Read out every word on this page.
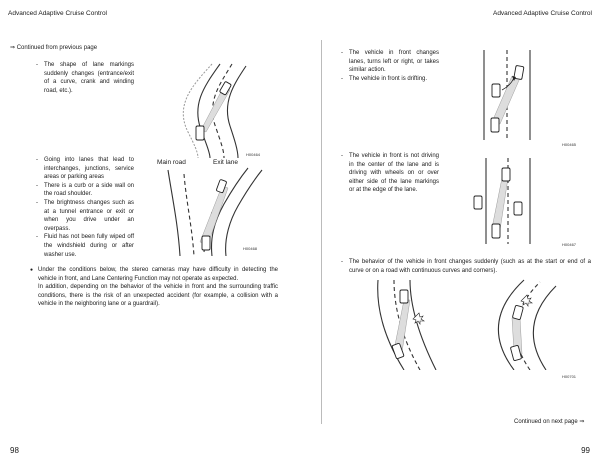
Advanced Adaptive Cruise Control	Advanced Adaptive Cruise Control
⇒ Continued from previous page
- The shape of lane markings suddenly changes (entrance/exit of a curve, crank and winding road, etc.).
H00464
- Going into lanes that lead to interchanges, junctions, service areas or parking areas
- There is a curb or a side wall on the road shoulder.
- The brightness changes such as at a tunnel entrance or exit or when you drive under an overpass.
- Fluid has not been fully wiped off the windshield during or after washer use.
Main road	Exit lane
H00468

● Under the conditions below, the stereo cameras may have difficulty in detecting the vehicle in front, and Lane Centering Function may not operate as expected.

In addition, depending on the behavior of the vehicle in front and the surrounding traffic conditions, there is the risk of an unexpected accident (for example, a collision with a vehicle in the neighboring lane or a guardrail).

98
- The vehicle in front changes lanes, turns left or right, or takes similar action.
- The vehicle in front is drifting.
H00465
- The vehicle in front is not driving in the center of the lane and is driving with wheels on or over either side of the lane markings or at the edge of the lane.
H00467
- The behavior of the vehicle in front changes suddenly (such as at the start or end of a curve or on a road with continuous curves and corners).
H00701
Continued on next page ⇒
99
